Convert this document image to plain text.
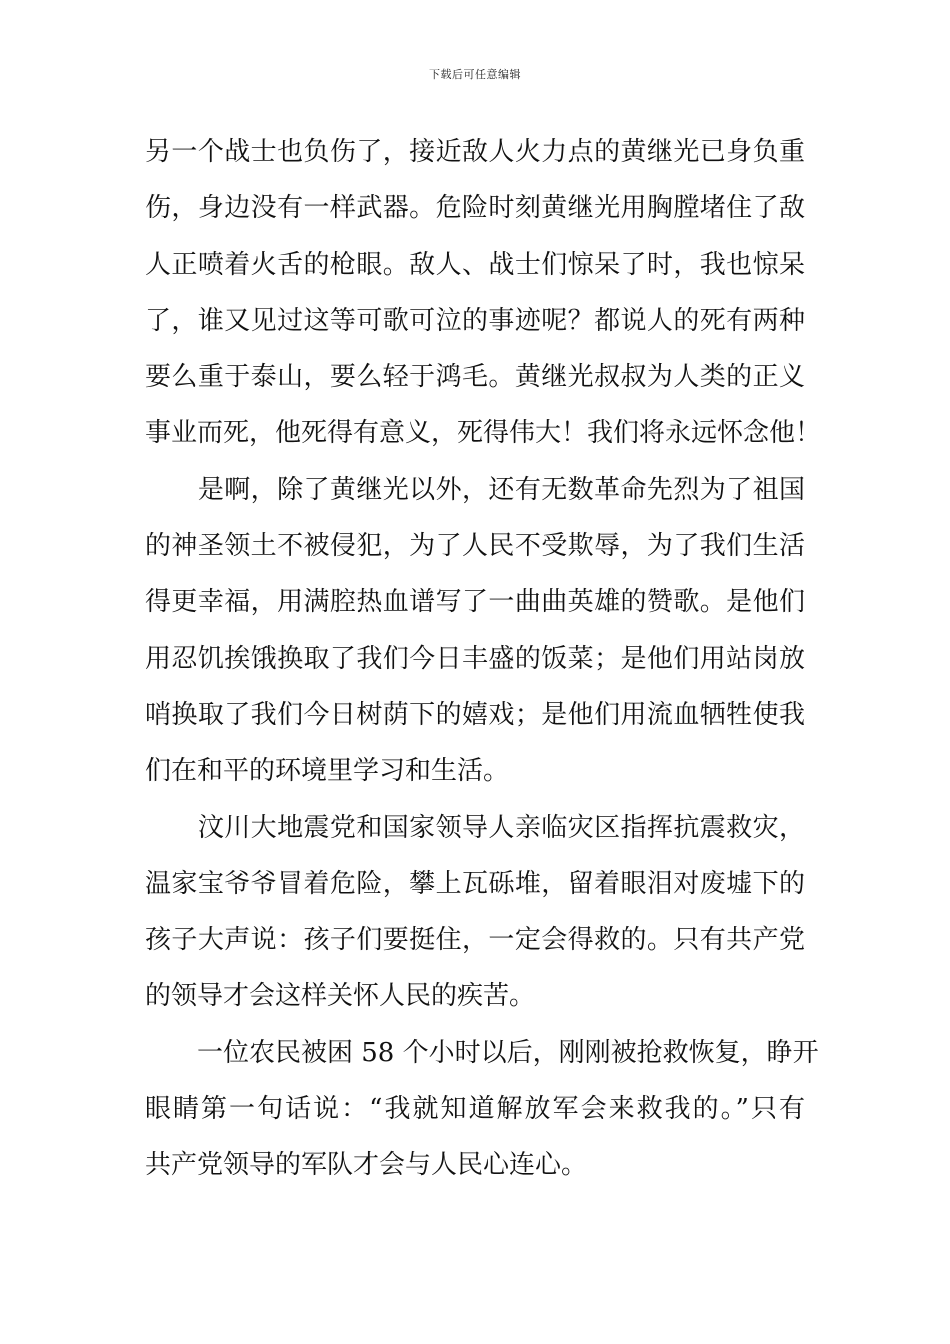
下载后可任意编辑
另一个战士也负伤了，接近敌人火力点的黄继光已身负重
伤，身边没有一样武器。危险时刻黄继光用胸膛堵住了敌
人正喷着火舌的枪眼。敌人、战士们惊呆了时，我也惊呆
了，谁又见过这等可歌可泣的事迹呢？都说人的死有两种
要么重于泰山，要么轻于鸿毛。黄继光叔叔为人类的正义
事业而死，他死得有意义，死得伟大！我们将永远怀念他！
　　是啊，除了黄继光以外，还有无数革命先烈为了祖国
的神圣领土不被侵犯，为了人民不受欺辱，为了我们生活
得更幸福，用满腔热血谱写了一曲曲英雄的赞歌。是他们
用忍饥挨饿换取了我们今日丰盛的饭菜；是他们用站岗放
哨换取了我们今日树荫下的嬉戏；是他们用流血牺牲使我
们在和平的环境里学习和生活。
　　汶川大地震党和国家领导人亲临灾区指挥抗震救灾，
温家宝爷爷冒着危险，攀上瓦砾堆，留着眼泪对废墟下的
孩子大声说：孩子们要挺住，一定会得救的。只有共产党
的领导才会这样关怀人民的疾苦。
　　一位农民被困 58 个小时以后，刚刚被抢救恢复，睁开
眼睛第一句话说：“我就知道解放军会来救我的。”只有
共产党领导的军队才会与人民心连心。
